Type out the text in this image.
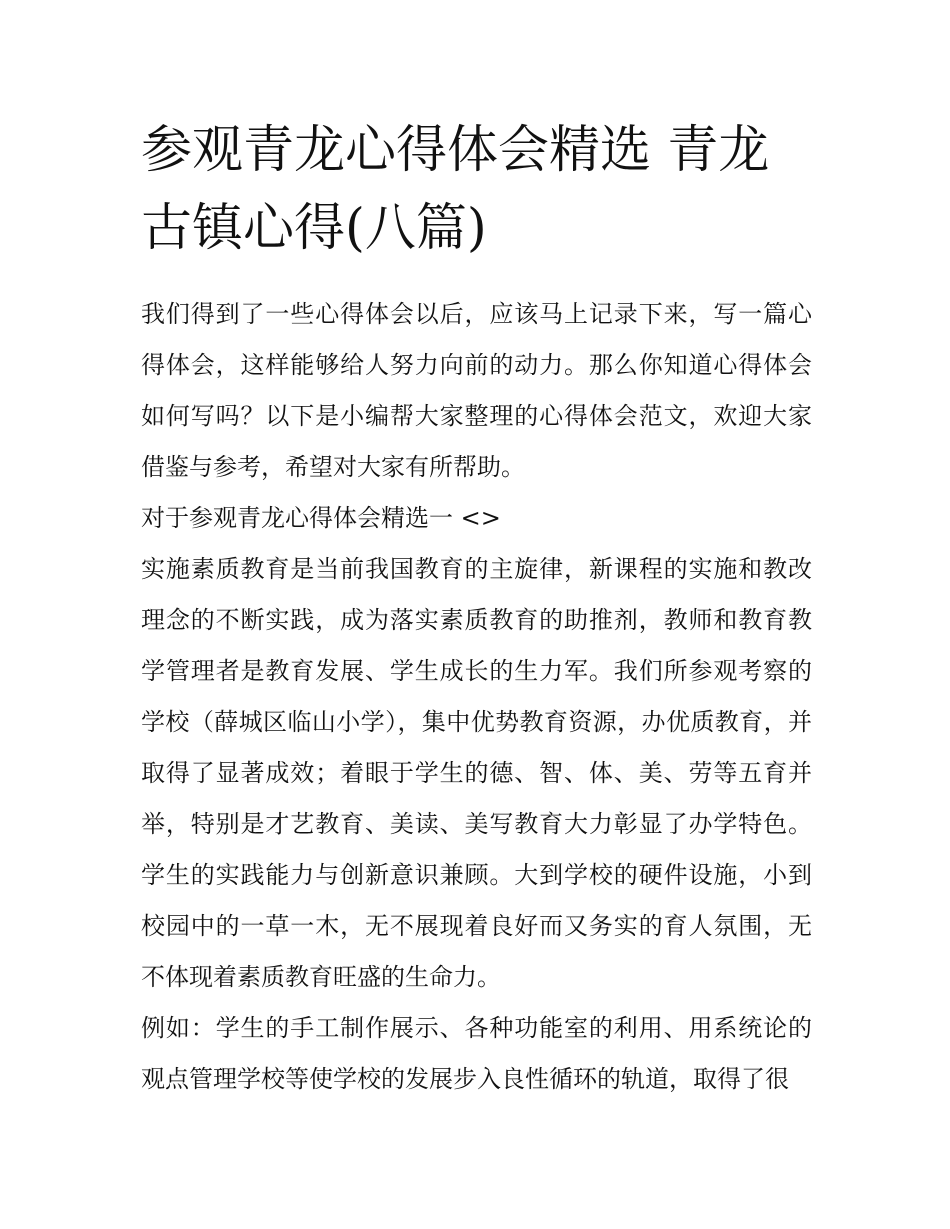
参观青龙心得体会精选 青龙古镇心得(八篇)

我们得到了一些心得体会以后，应该马上记录下来，写一篇心得体会，这样能够给人努力向前的动力。那么你知道心得体会如何写吗？以下是小编帮大家整理的心得体会范文，欢迎大家借鉴与参考，希望对大家有所帮助。

对于参观青龙心得体会精选一 <>

实施素质教育是当前我国教育的主旋律，新课程的实施和教改理念的不断实践，成为落实素质教育的助推剂，教师和教育教学管理者是教育发展、学生成长的生力军。我们所参观考察的学校（薛城区临山小学），集中优势教育资源，办优质教育，并取得了显著成效；着眼于学生的德、智、体、美、劳等五育并举，特别是才艺教育、美读、美写教育大力彰显了办学特色。学生的实践能力与创新意识兼顾。大到学校的硬件设施，小到校园中的一草一木，无不展现着良好而又务实的育人氛围，无不体现着素质教育旺盛的生命力。

例如：学生的手工制作展示、各种功能室的利用、用系统论的观点管理学校等使学校的发展步入良性循环的轨道，取得了很
